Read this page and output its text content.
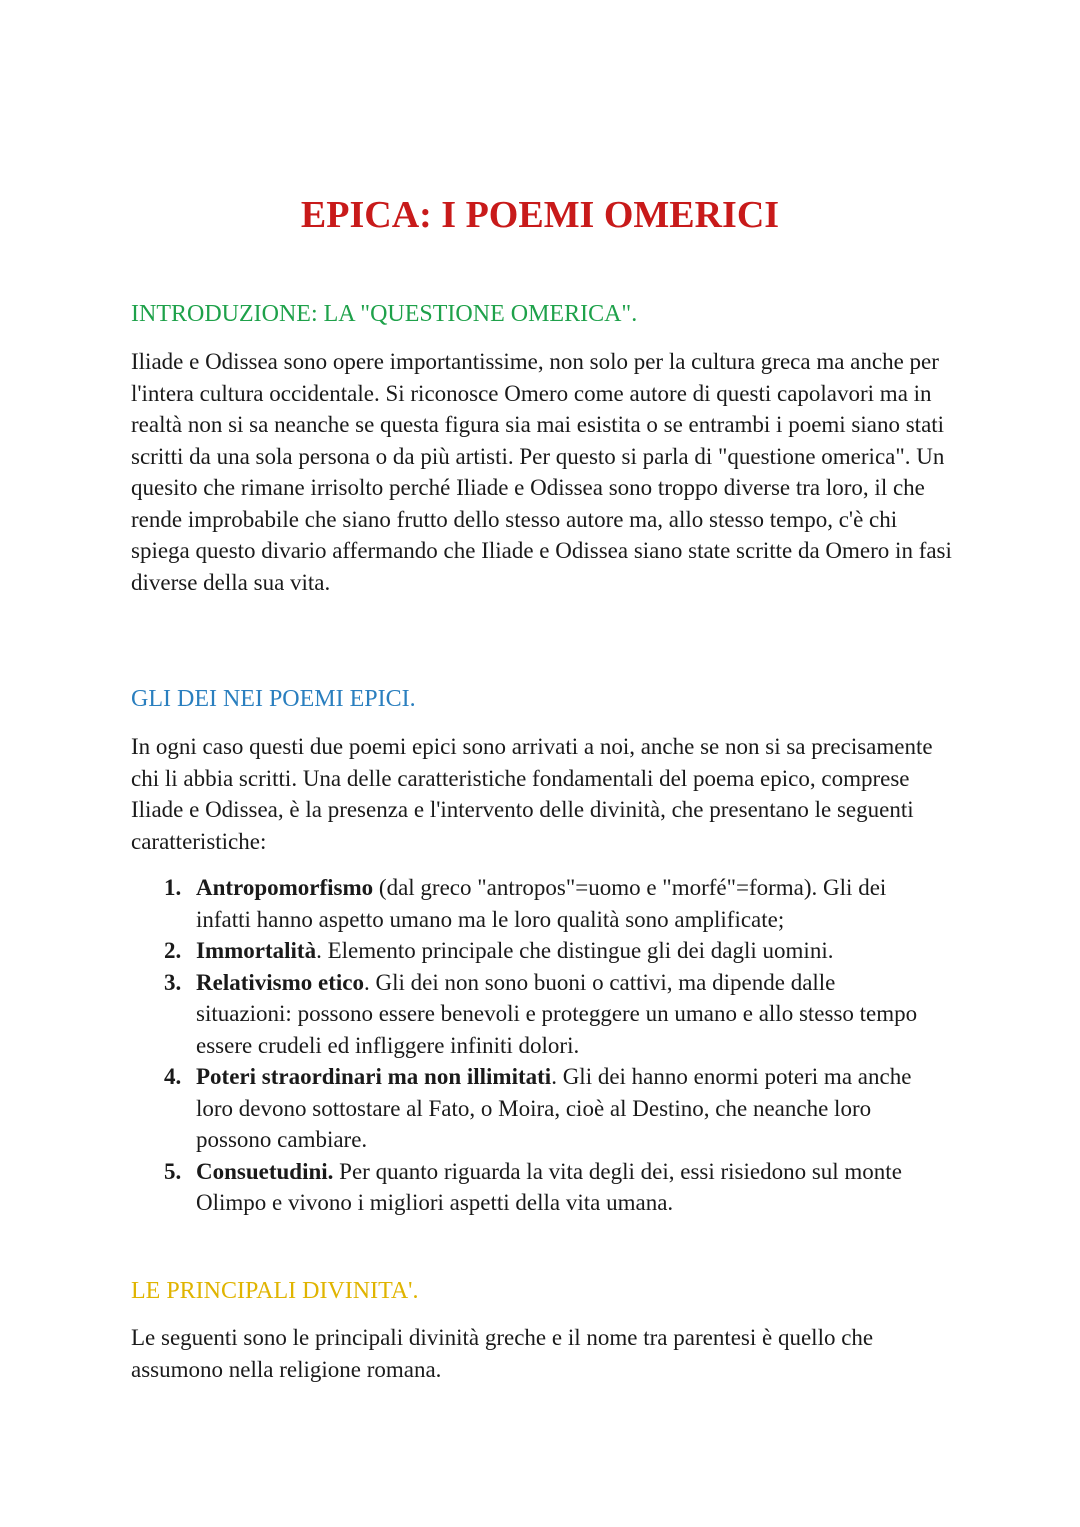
EPICA: I POEMI OMERICI
INTRODUZIONE: LA "QUESTIONE OMERICA".

Iliade e Odissea sono opere importantissime, non solo per la cultura greca ma anche per l'intera cultura occidentale. Si riconosce Omero come autore di questi capolavori ma in realtà non si sa neanche se questa figura sia mai esistita o se entrambi i poemi siano stati scritti da una sola persona o da più artisti. Per questo si parla di "questione omerica". Un quesito che rimane irrisolto perché Iliade e Odissea sono troppo diverse tra loro, il che rende improbabile che siano frutto dello stesso autore ma, allo stesso tempo, c'è chi spiega questo divario affermando che Iliade e Odissea siano state scritte da Omero in fasi diverse della sua vita.

GLI DEI NEI POEMI EPICI.

In ogni caso questi due poemi epici sono arrivati a noi, anche se non si sa precisamente chi li abbia scritti. Una delle caratteristiche fondamentali del poema epico, comprese Iliade e Odissea, è la presenza e l'intervento delle divinità, che presentano le seguenti caratteristiche:

1. Antropomorfismo (dal greco "antropos"=uomo e "morfé"=forma). Gli dei infatti hanno aspetto umano ma le loro qualità sono amplificate;
2. Immortalità. Elemento principale che distingue gli dei dagli uomini.
3. Relativismo etico. Gli dei non sono buoni o cattivi, ma dipende dalle situazioni: possono essere benevoli e proteggere un umano e allo stesso tempo essere crudeli ed infliggere infiniti dolori.
4. Poteri straordinari ma non illimitati. Gli dei hanno enormi poteri ma anche loro devono sottostare al Fato, o Moira, cioè al Destino, che neanche loro possono cambiare.
5. Consuetudini. Per quanto riguarda la vita degli dei, essi risiedono sul monte Olimpo e vivono i migliori aspetti della vita umana.
LE PRINCIPALI DIVINITA'.

Le seguenti sono le principali divinità greche e il nome tra parentesi è quello che assumono nella religione romana.
